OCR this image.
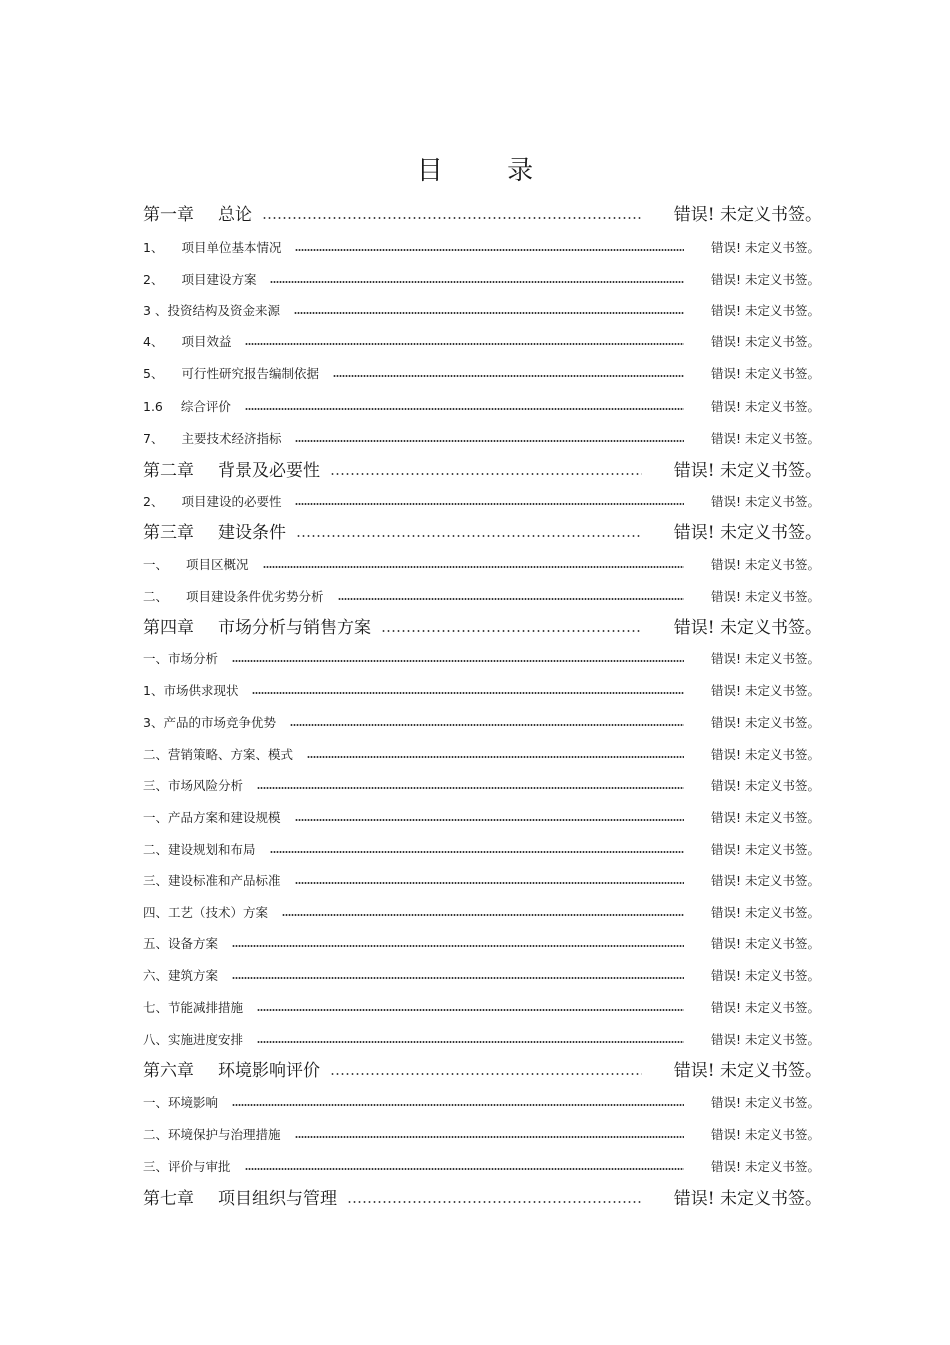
目 录
第一章 总论	错误! 未定义书签。
1、 项目单位基本情况	错误! 未定义书签。
2、 项目建设方案	错误! 未定义书签。
3 、投资结构及资金来源	错误! 未定义书签。
4、 项目效益	错误! 未定义书签。
5、 可行性研究报告编制依据	错误! 未定义书签。
1.6 综合评价	错误! 未定义书签。
7、 主要技术经济指标	错误! 未定义书签。
第二章 背景及必要性	错误! 未定义书签。
2、 项目建设的必要性	错误! 未定义书签。
第三章 建设条件	错误! 未定义书签。
一、 项目区概况	错误! 未定义书签。
二、 项目建设条件优劣势分析	错误! 未定义书签。
第四章 市场分析与销售方案	错误! 未定义书签。
一、市场分析	错误! 未定义书签。
1、市场供求现状	错误! 未定义书签。
3、产品的市场竞争优势	错误! 未定义书签。
二、营销策略、方案、模式	错误! 未定义书签。
三、市场风险分析	错误! 未定义书签。
一、产品方案和建设规模	错误! 未定义书签。
二、建设规划和布局	错误! 未定义书签。
三、建设标准和产品标准	错误! 未定义书签。
四、工艺（技术）方案	错误! 未定义书签。
五、设备方案	错误! 未定义书签。
六、建筑方案	错误! 未定义书签。
七、节能减排措施	错误! 未定义书签。
八、实施进度安排	错误! 未定义书签。
第六章 环境影响评价	错误! 未定义书签。
一、环境影响	错误! 未定义书签。
二、环境保护与治理措施	错误! 未定义书签。
三、评价与审批	错误! 未定义书签。
第七章 项目组织与管理	错误! 未定义书签。
